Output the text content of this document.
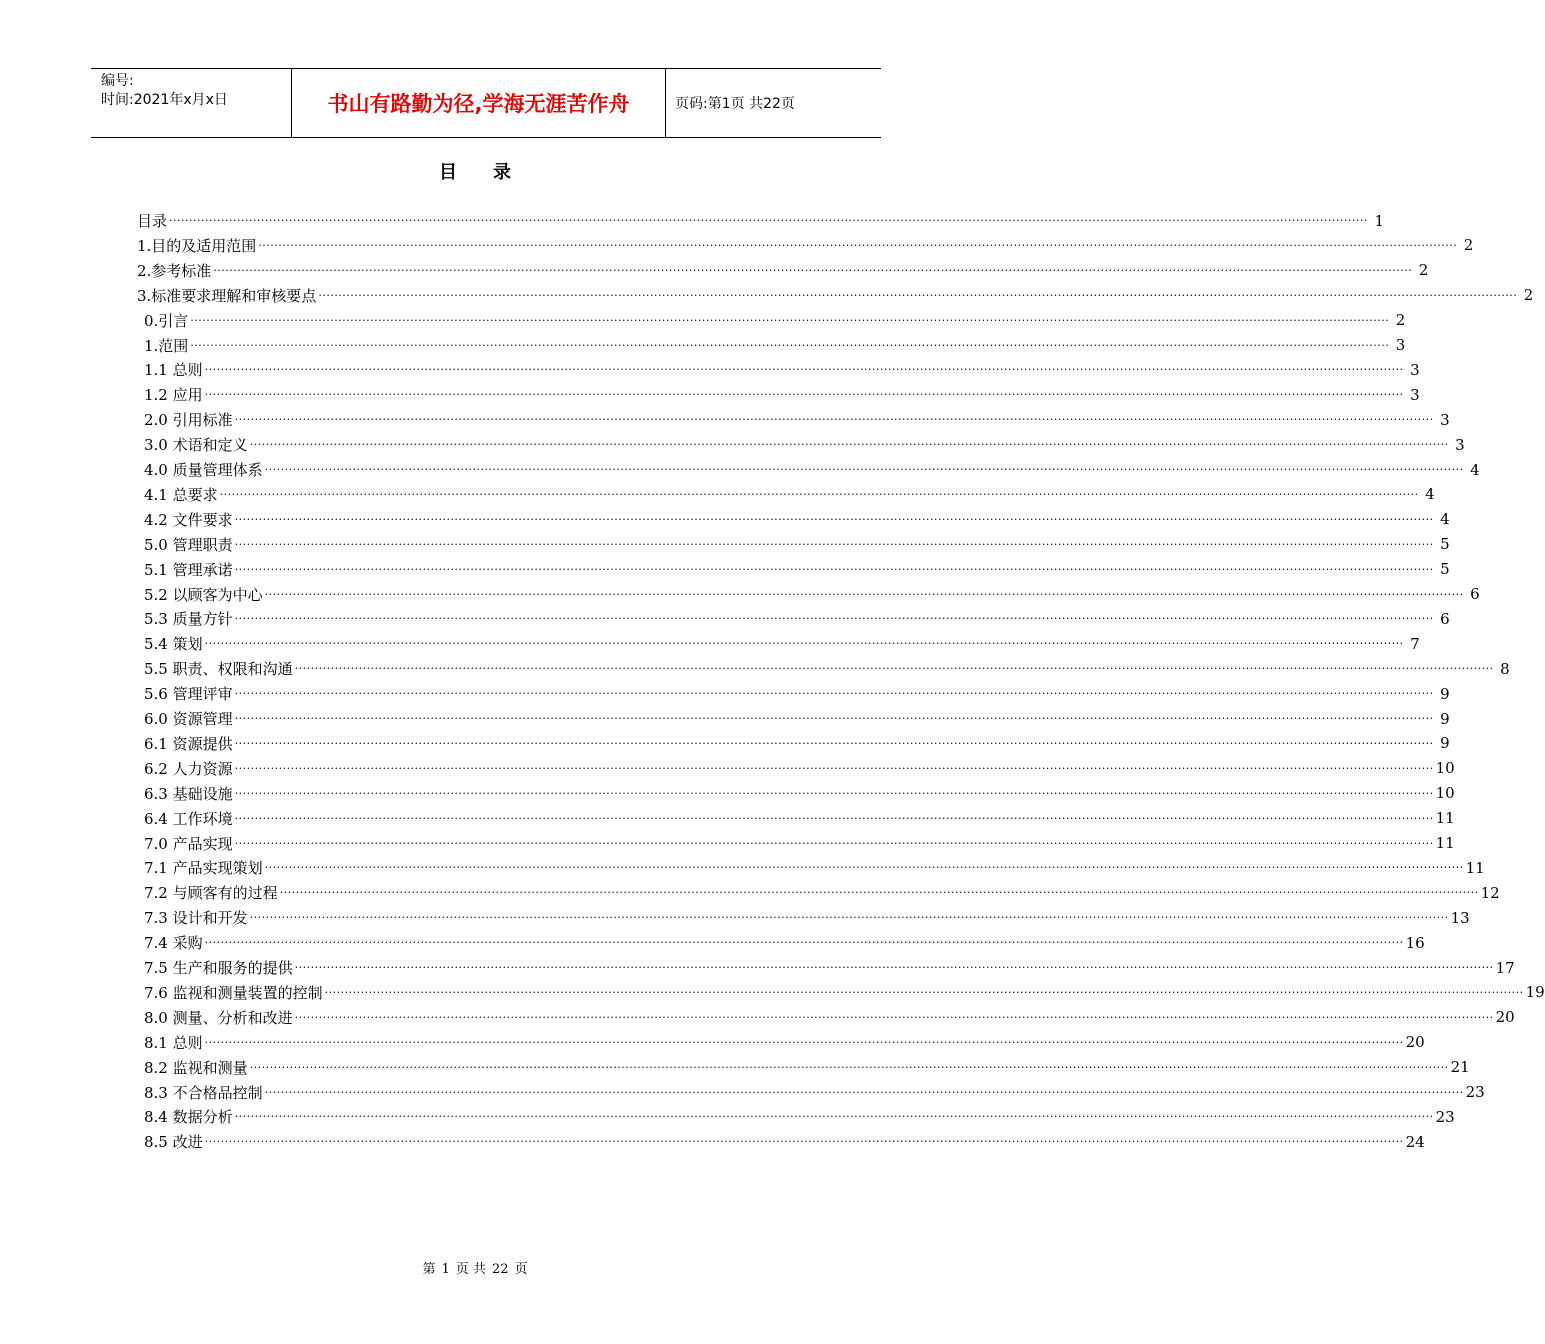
编号:
时间:2021年x月x日	书山有路勤为径,学海无涯苦作舟	页码:第1页 共22页
目　　录
目录 ············································································································································································································································································································ 1
1.目的及适用范围 ············································································································································································································································································································ 2
2.参考标准 ············································································································································································································································································································ 2
3.标准要求理解和审核要点 ············································································································································································································································································································ 2
0.引言 ············································································································································································································································································································ 2
1.范围 ············································································································································································································································································································ 3
1.1 总则 ············································································································································································································································································································ 3
1.2 应用 ············································································································································································································································································································ 3
2.0 引用标准 ············································································································································································································································································································ 3
3.0 术语和定义 ············································································································································································································································································································ 3
4.0 质量管理体系 ············································································································································································································································································································ 4
4.1 总要求 ············································································································································································································································································································ 4
4.2 文件要求 ············································································································································································································································································································ 4
5.0 管理职责 ············································································································································································································································································································ 5
5.1 管理承诺 ············································································································································································································································································································ 5
5.2 以顾客为中心 ············································································································································································································································································································ 6
5.3 质量方针 ············································································································································································································································································································ 6
5.4 策划 ············································································································································································································································································································ 7
5.5 职责、权限和沟通 ············································································································································································································································································································ 8
5.6 管理评审 ············································································································································································································································································································ 9
6.0 资源管理 ············································································································································································································································································································ 9
6.1 资源提供 ············································································································································································································································································································ 9
6.2 人力资源 ············································································································································································································································································································ 10
6.3 基础设施 ············································································································································································································································································································ 10
6.4 工作环境 ············································································································································································································································································································ 11
7.0 产品实现 ············································································································································································································································································································ 11
7.1 产品实现策划 ············································································································································································································································································································ 11
7.2 与顾客有的过程 ············································································································································································································································································································ 12
7.3 设计和开发 ············································································································································································································································································································ 13
7.4 采购 ············································································································································································································································································································ 16
7.5 生产和服务的提供 ············································································································································································································································································································ 17
7.6 监视和测量装置的控制 ············································································································································································································································································································ 19
8.0 测量、分析和改进 ············································································································································································································································································································ 20
8.1 总则 ············································································································································································································································································································ 20
8.2 监视和测量 ············································································································································································································································································································ 21
8.3 不合格品控制 ············································································································································································································································································································ 23
8.4 数据分析 ············································································································································································································································································································ 23
8.5 改进 ············································································································································································································································································································ 24
第 1 页 共 22 页
